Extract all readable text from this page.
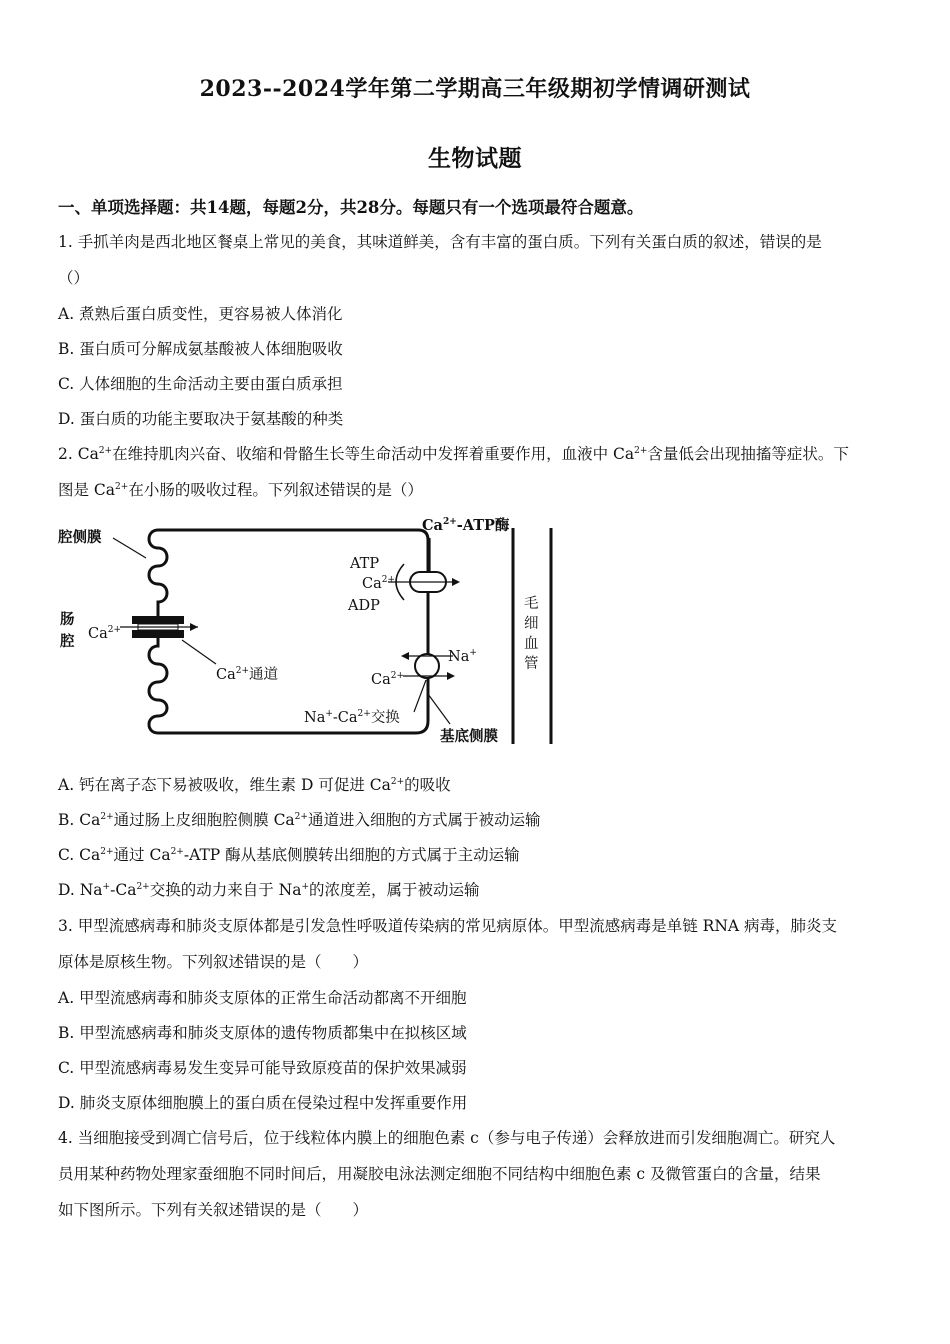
2023--2024学年第二学期高三年级期初学情调研测试
生物试题
一、单项选择题：共14题，每题2分，共28分。每题只有一个选项最符合题意。
1. 手抓羊肉是西北地区餐桌上常见的美食，其味道鲜美，含有丰富的蛋白质。下列有关蛋白质的叙述，错误的是
（）
A. 煮熟后蛋白质变性，更容易被人体消化
B. 蛋白质可分解成氨基酸被人体细胞吸收
C. 人体细胞的生命活动主要由蛋白质承担
D. 蛋白质的功能主要取决于氨基酸的种类
2. $Ca^{2+}$在维持肌肉兴奋、收缩和骨骼生长等生命活动中发挥着重要作用，血液中 $Ca^{2+}$含量低会出现抽搐等症状。下
图是 $Ca^{2+}$在小肠的吸收过程。下列叙述错误的是（）
腔侧膜
肠
腔 $Ca^{2+}$
$Ca^{2+}$通道
$Ca^{2+}$-ATP酶
ATP
$Ca^{2+}$
ADP
Na+
$Ca^{2+}$
$Na^+-Ca^{2+}$交换
基底侧膜
毛
细
血
管
A. 钙在离子态下易被吸收，维生素 D 可促进 $Ca^{2+}$的吸收
B. $Ca^{2+}$通过肠上皮细胞腔侧膜 $Ca^{2+}$通道进入细胞的方式属于被动运输
C. $Ca^{2+}$通过 $Ca^{2+}$-ATP 酶从基底侧膜转出细胞的方式属于主动运输
D. $Na^+-Ca^{2+}$交换的动力来自于 Na+的浓度差，属于被动运输
3. 甲型流感病毒和肺炎支原体都是引发急性呼吸道传染病的常见病原体。甲型流感病毒是单链 RNA 病毒，肺炎支
原体是原核生物。下列叙述错误的是（　　）
A. 甲型流感病毒和肺炎支原体的正常生命活动都离不开细胞
B. 甲型流感病毒和肺炎支原体的遗传物质都集中在拟核区域
C. 甲型流感病毒易发生变异可能导致原疫苗的保护效果减弱
D. 肺炎支原体细胞膜上的蛋白质在侵染过程中发挥重要作用
4. 当细胞接受到凋亡信号后，位于线粒体内膜上的细胞色素 c（参与电子传递）会释放进而引发细胞凋亡。研究人
员用某种药物处理家蚕细胞不同时间后，用凝胶电泳法测定细胞不同结构中细胞色素 c 及微管蛋白的含量，结果
如下图所示。下列有关叙述错误的是（　　）
